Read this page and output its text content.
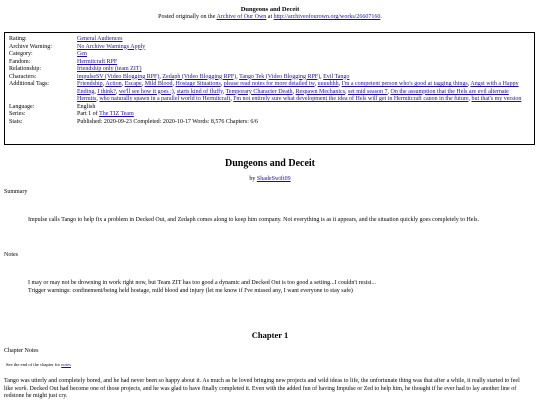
Dungeons and Deceit
Posted originally on the Archive of Our Own at http://archiveofourown.org/works/26607160.
Rating:	General Audiences
Archive Warning:	No Archive Warnings Apply
Category:	Gen
Fandom:	Hermitcraft RPF
Relationship:	friendship only (team ZIT)
Characters:	impulseSV (Video Blogging RPF), Zedaph (Video Blogging RPF), Tango Tek (Video Blogging RPF), Evil Tango
Additional Tags:	Friendship, Action, Escape, Mild Blood, Hostage Situations, please read notes for more detailed tw, uuuuhhh, I'm a competent person who's good at tagging things, Angst with a Happy Ending, I think?, we'll see how it goes :), starts kind of fluffy, Temporary Character Death, Respawn Mechanics, set mid season 7, On the assumption that the Hels are evil alternate Hermits, who naturally spawn in a parallel world to Hermitcraft, I'm not entirely sure what development the idea of Hels will get in Hermitcraft canon in the future, but that's my version
Language:	English
Series:	Part 1 of The TIZ Team
Stats:	Published: 2020-09-23 Completed: 2020-10-17 Words: 8,576 Chapters: 6/6
Dungeons and Deceit
by ShadeSwift09
Summary
Impulse calls Tango to help fix a problem in Decked Out, and Zedaph comes along to keep him company. Not everything is as it appears, and the situation quickly goes completely to Hels.
Notes
I may or may not be drowning in work right now, but Team ZIT has too good a dynamic and Decked Out is too good a setting...I couldn't resist...
Trigger warnings: confinement/being held hostage, mild blood and injury (let me know if I've missed any, I want everyone to stay safe)
Chapter 1
Chapter Notes
See the end of the chapter for notes
Tango was utterly and completely bored, and he had never been so happy about it. As much as he loved bringing new projects and wild ideas to life, the unfortunate thing was that after a while, it really started to feel like work. Decked Out had become one of those projects, and he was glad to have finally completed it. Even with the added fun of having Impulse or Zed to help him, he thought if he ever had to lay another line of redstone he might just cry.
